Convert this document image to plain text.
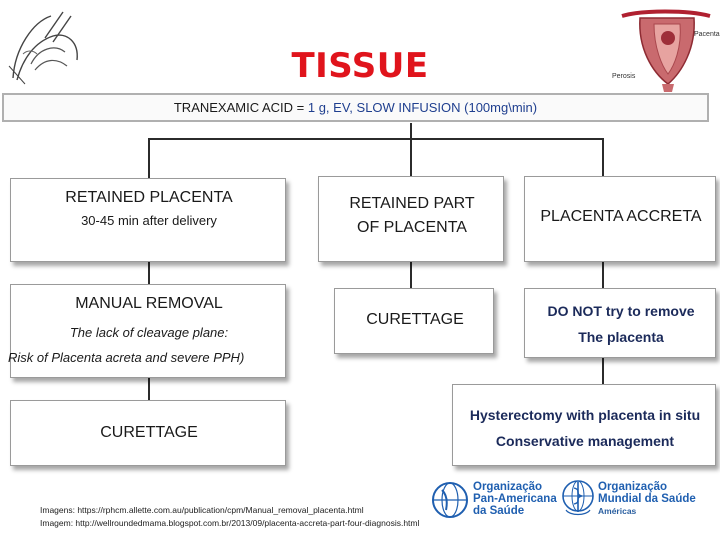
Perosis
Pacenta
TISSUE
TRANEXAMIC ACID = 1 g, EV, SLOW INFUSION (100mg\min)
RETAINED PLACENTA
30-45 min after delivery
MANUAL REMOVAL
The lack of cleavage plane:
Risk of Placenta acreta and severe PPH)
CURETTAGE
RETAINED PART
OF PLACENTA
CURETTAGE
PLACENTA ACCRETA
DO NOT try to remove
The placenta
Hysterectomy with placenta in situ
Conservative management
Imagens: https://rphcm.allette.com.au/publication/cpm/Manual_removal_placenta.html
Imagem: http://wellroundedmama.blogspot.com.br/2013/09/placenta-accreta-part-four-diagnosis.html
Organização
Pan-Americana
da Saúde
Organização
Mundial da Saúde
Américas
